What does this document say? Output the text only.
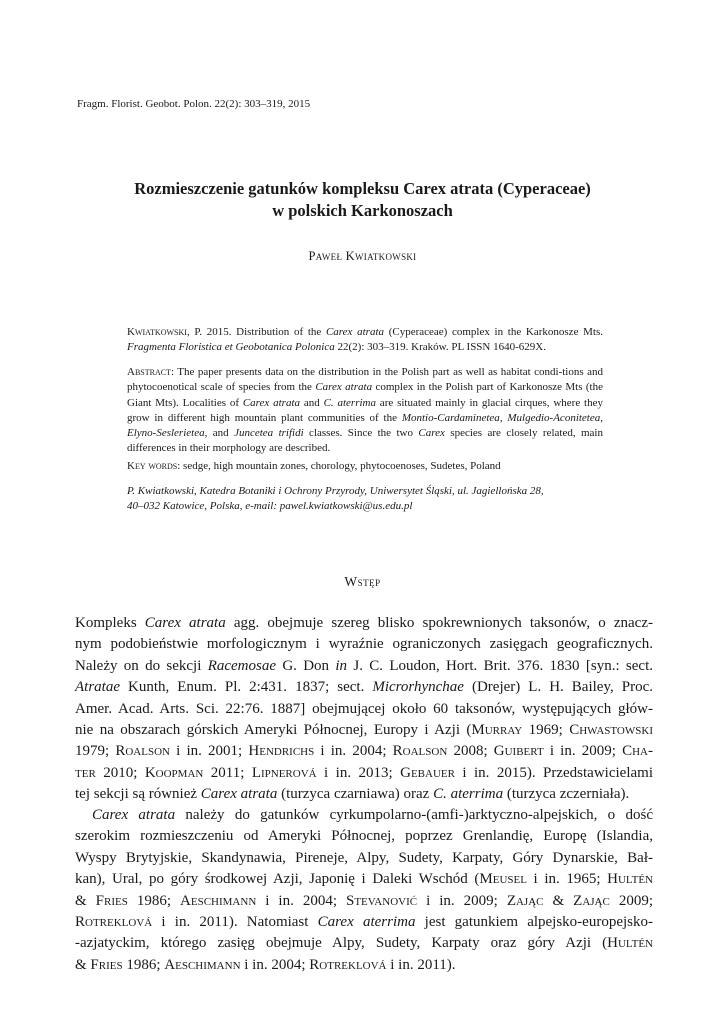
Fragm. Florist. Geobot. Polon. 22(2): 303–319, 2015
Rozmieszczenie gatunków kompleksu Carex atrata (Cyperaceae)
w polskich Karkonoszach
Paweł Kwiatkowski
Kwiatkowski, P. 2015. Distribution of the Carex atrata (Cyperaceae) complex in the Karkonosze Mts. Fragmenta Floristica et Geobotanica Polonica 22(2): 303–319. Kraków. PL ISSN 1640-629X.
Abstract: The paper presents data on the distribution in the Polish part as well as habitat condi-tions and phytocoenotical scale of species from the Carex atrata complex in the Polish part of Karkonosze Mts (the Giant Mts). Localities of Carex atrata and C. aterrima are situated mainly in glacial cirques, where they grow in different high mountain plant communities of the Montio-Cardaminetea, Mulgedio-Aconitetea, Elyno-Seslerietea, and Juncetea trifidi classes. Since the two Carex species are closely related, main differences in their morphology are described.
Key words: sedge, high mountain zones, chorology, phytocoenoses, Sudetes, Poland
P. Kwiatkowski, Katedra Botaniki i Ochrony Przyrody, Uniwersytet Śląski, ul. Jagiellońska 28,
40–032 Katowice, Polska, e-mail: pawel.kwiatkowski@us.edu.pl
Wstęp
Kompleks Carex atrata agg. obejmuje szereg blisko spokrewnionych taksonów, o znacz-
nym podobieństwie morfologicznym i wyraźnie ograniczonych zasięgach geograficznych.
Należy on do sekcji Racemosae G. Don in J. C. Loudon, Hort. Brit. 376. 1830 [syn.: sect.
Atratae Kunth, Enum. Pl. 2:431. 1837; sect. Microrhynchae (Drejer) L. H. Bailey, Proc.
Amer. Acad. Arts. Sci. 22:76. 1887] obejmującej około 60 taksonów, występujących głów-
nie na obszarach górskich Ameryki Północnej, Europy i Azji (Murray 1969; Chwastowski
1979; Roalson i in. 2001; Hendrichs i in. 2004; Roalson 2008; Guibert i in. 2009; Cha-
ter 2010; Koopman 2011; Lipnerová i in. 2013; Gebauer i in. 2015). Przedstawicielami
tej sekcji są również Carex atrata (turzyca czarniawa) oraz C. aterrima (turzyca zczerniała).
Carex atrata należy do gatunków cyrkumpolarno-(amfi-)arktyczno-alpejskich, o dość
szerokim rozmieszczeniu od Ameryki Północnej, poprzez Grenlandię, Europę (Islandia,
Wyspy Brytyjskie, Skandynawia, Pireneje, Alpy, Sudety, Karpaty, Góry Dynarskie, Bał-
kan), Ural, po góry środkowej Azji, Japonię i Daleki Wschód (Meusel i in. 1965; Hultén
& Fries 1986; Aeschimann i in. 2004; Stevanović i in. 2009; Zając & Zając 2009;
Rotreklová i in. 2011). Natomiast Carex aterrima jest gatunkiem alpejsko-europejsko-
-azjatyckim, którego zasięg obejmuje Alpy, Sudety, Karpaty oraz góry Azji (Hultén
& Fries 1986; Aeschimann i in. 2004; Rotreklová i in. 2011).
